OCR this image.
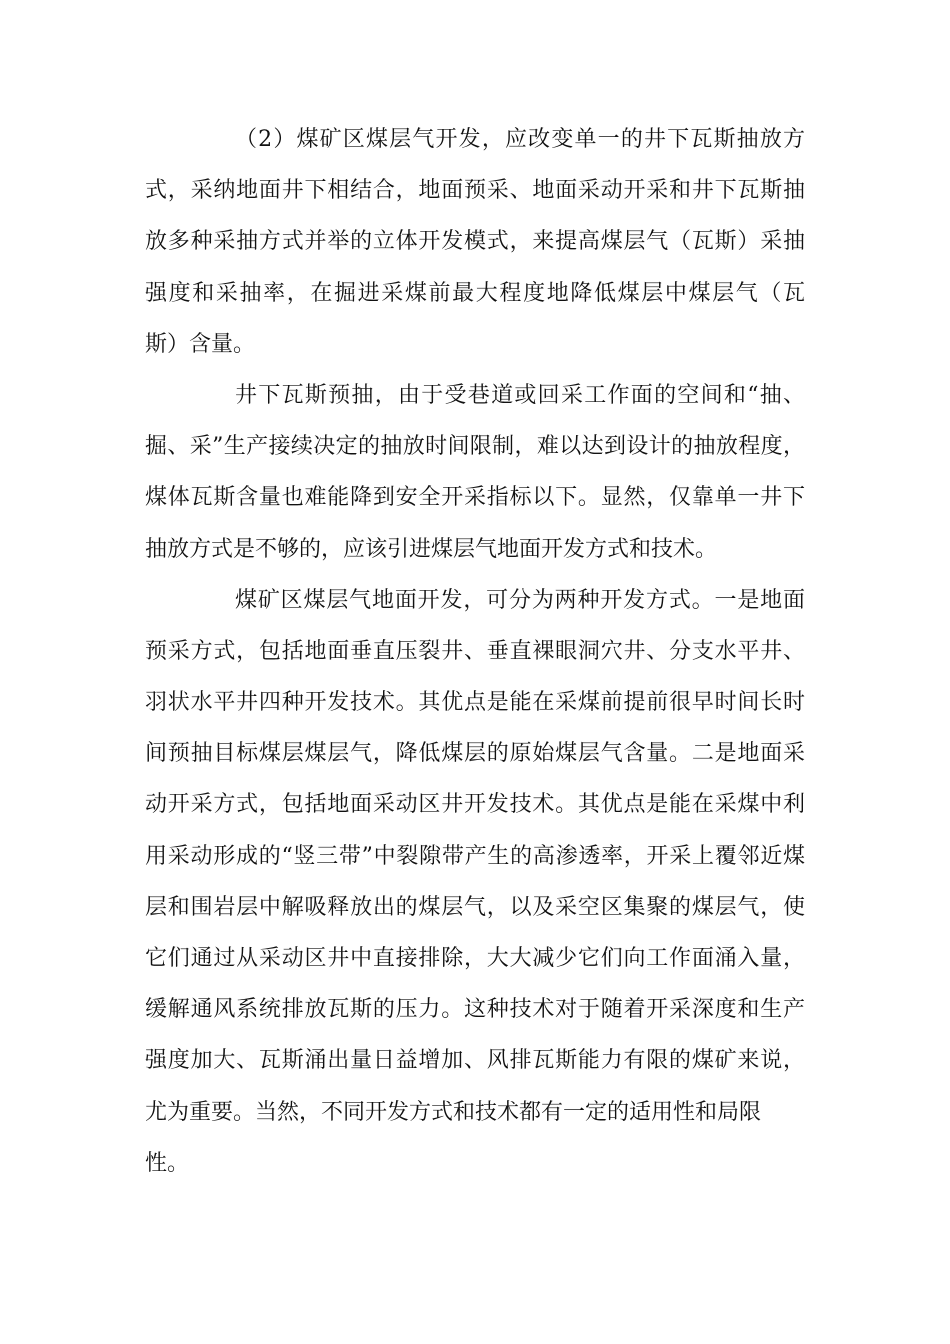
（2）煤矿区煤层气开发，应改变单一的井下瓦斯抽放方
式，采纳地面井下相结合，地面预采、地面采动开采和井下瓦斯抽
放多种采抽方式并举的立体开发模式，来提高煤层气（瓦斯）采抽
强度和采抽率，在掘进采煤前最大程度地降低煤层中煤层气（瓦
斯）含量。
井下瓦斯预抽，由于受巷道或回采工作面的空间和“抽、
掘、采”生产接续决定的抽放时间限制，难以达到设计的抽放程度，
煤体瓦斯含量也难能降到安全开采指标以下。显然，仅靠单一井下
抽放方式是不够的，应该引进煤层气地面开发方式和技术。
煤矿区煤层气地面开发，可分为两种开发方式。一是地面
预采方式，包括地面垂直压裂井、垂直裸眼洞穴井、分支水平井、
羽状水平井四种开发技术。其优点是能在采煤前提前很早时间长时
间预抽目标煤层煤层气，降低煤层的原始煤层气含量。二是地面采
动开采方式，包括地面采动区井开发技术。其优点是能在采煤中利
用采动形成的“竖三带”中裂隙带产生的高渗透率，开采上覆邻近煤
层和围岩层中解吸释放出的煤层气，以及采空区集聚的煤层气，使
它们通过从采动区井中直接排除，大大减少它们向工作面涌入量，
缓解通风系统排放瓦斯的压力。这种技术对于随着开采深度和生产
强度加大、瓦斯涌出量日益增加、风排瓦斯能力有限的煤矿来说，
尤为重要。当然，不同开发方式和技术都有一定的适用性和局限
性。
